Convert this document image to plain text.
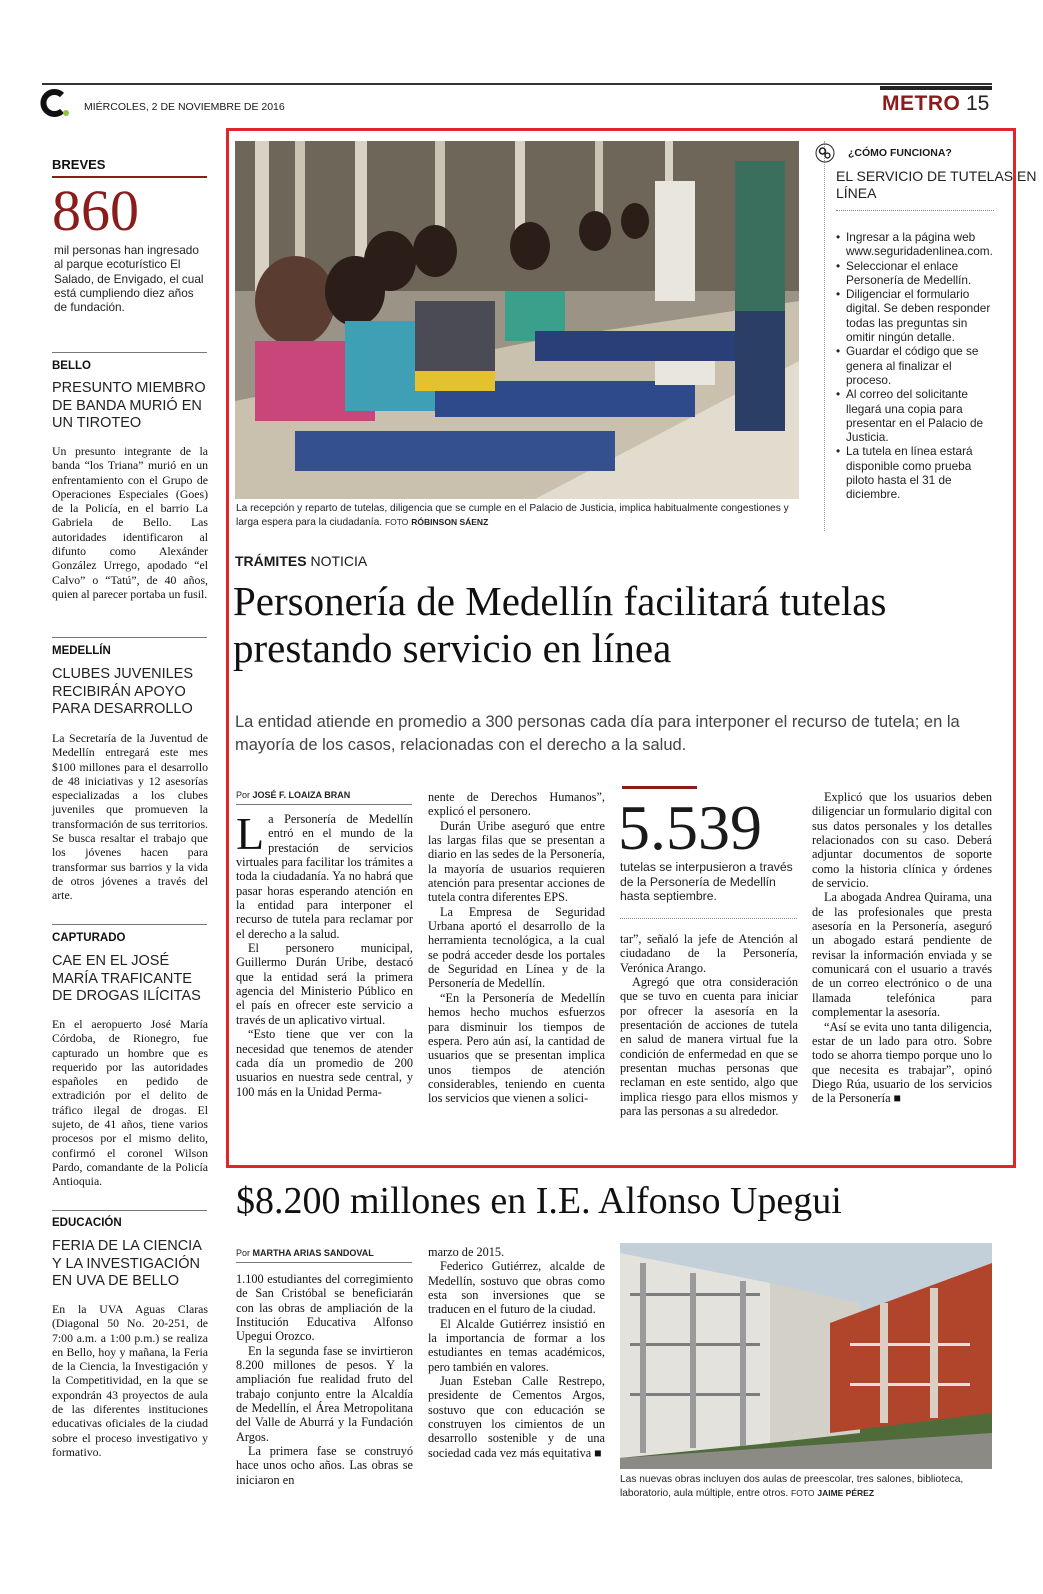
MIÉRCOLES, 2 DE NOVIEMBRE DE 2016	METRO 15
BREVES
860
mil personas han ingresado al parque ecoturístico El Salado, de Envigado, el cual está cumpliendo diez años de fundación.
BELLO
PRESUNTO MIEMBRO DE BANDA MURIÓ EN UN TIROTEO
Un presunto integrante de la banda “los Triana” murió en un enfrentamiento con el Grupo de Operaciones Especiales (Goes) de la Policía, en el barrio La Gabriela de Bello. Las autoridades identificaron al difunto como Alexánder González Urrego, apodado “el Calvo” o “Tatú”, de 40 años, quien al parecer portaba un fusil.
MEDELLÍN
CLUBES JUVENILES RECIBIRÁN APOYO PARA DESARROLLO
La Secretaría de la Juventud de Medellín entregará este mes $100 millones para el desarrollo de 48 iniciativas y 12 asesorías especializadas a los clubes juveniles que promueven la transformación de sus territorios. Se busca resaltar el trabajo que los jóvenes hacen para transformar sus barrios y la vida de otros jóvenes a través del arte.
CAPTURADO
CAE EN EL JOSÉ MARÍA TRAFICANTE DE DROGAS ILÍCITAS
En el aeropuerto José María Córdoba, de Rionegro, fue capturado un hombre que es requerido por las autoridades españoles en pedido de extradición por el delito de tráfico ilegal de drogas. El sujeto, de 41 años, tiene varios procesos por el mismo delito, confirmó el coronel Wilson Pardo, comandante de la Policía Antioquia.
EDUCACIÓN
FERIA DE LA CIENCIA Y LA INVESTIGACIÓN EN UVA DE BELLO
En la UVA Aguas Claras (Diagonal 50 No. 20-251, de 7:00 a.m. a 1:00 p.m.) se realiza en Bello, hoy y mañana, la Feria de la Ciencia, la Investigación y la Competitividad, en la que se expondrán 43 proyectos de aula de las diferentes instituciones educativas oficiales de la ciudad sobre el proceso investigativo y formativo.
La recepción y reparto de tutelas, diligencia que se cumple en el Palacio de Justicia, implica habitualmente congestiones y larga espera para la ciudadanía. FOTO RÓBINSON SÁENZ
¿CÓMO FUNCIONA?
EL SERVICIO DE TUTELAS EN LÍNEA
• Ingresar a la página web www.seguridadenlinea.com.
• Seleccionar el enlace Personería de Medellín.
• Diligenciar el formulario digital. Se deben responder todas las preguntas sin omitir ningún detalle.
• Guardar el código que se genera al finalizar el proceso.
• Al correo del solicitante llegará una copia para presentar en el Palacio de Justicia.
• La tutela en línea estará disponible como prueba piloto hasta el 31 de diciembre.
TRÁMITES NOTICIA
Personería de Medellín facilitará tutelas prestando servicio en línea
La entidad atiende en promedio a 300 personas cada día para interponer el recurso de tutela; en la mayoría de los casos, relacionadas con el derecho a la salud.
Por JOSÉ F. LOAIZA BRAN

La Personería de Medellín entró en el mundo de la prestación de servicios virtuales para facilitar los trámites a toda la ciudadanía. Ya no habrá que pasar horas esperando atención en la entidad para interponer el recurso de tutela para reclamar por el derecho a la salud.

El personero municipal, Guillermo Durán Uribe, destacó que la entidad será la primera agencia del Ministerio Público en el país en ofrecer este servicio a través de un aplicativo virtual.

“Esto tiene que ver con la necesidad que tenemos de atender cada día un promedio de 200 usuarios en nuestra sede central, y 100 más en la Unidad Perma-

nente de Derechos Humanos”, explicó el personero.

Durán Uribe aseguró que entre las largas filas que se presentan a diario en las sedes de la Personería, la mayoría de usuarios requieren atención para presentar acciones de tutela contra diferentes EPS.

La Empresa de Seguridad Urbana aportó el desarrollo de la herramienta tecnológica, a la cual se podrá acceder desde los portales de Seguridad en Línea y de la Personería de Medellín.

“En la Personería de Medellín hemos hecho muchos esfuerzos para disminuir los tiempos de espera. Pero aún así, la cantidad de usuarios que se presentan implica unos tiempos de atención considerables, teniendo en cuenta los servicios que vienen a solici-

5.539
tutelas se interpusieron a través de la Personería de Medellín hasta septiembre.

tar”, señaló la jefe de Atención al ciudadano de la Personería, Verónica Arango.

Agregó que otra consideración que se tuvo en cuenta para iniciar por ofrecer la asesoría en la presentación de acciones de tutela en salud de manera virtual fue la condición de enfermedad en que se presentan muchas personas que reclaman en este sentido, algo que implica riesgo para ellos mismos y para las personas a su alrededor.

Explicó que los usuarios deben diligenciar un formulario digital con sus datos personales y los detalles relacionados con su caso. Deberá adjuntar documentos de soporte como la historia clínica y órdenes de servicio.

La abogada Andrea Quirama, una de las profesionales que presta asesoría en la Personería, aseguró un abogado estará pendiente de revisar la información enviada y se comunicará con el usuario a través de un correo electrónico o de una llamada telefónica para complementar la asesoría.

“Así se evita uno tanta diligencia, estar de un lado para otro. Sobre todo se ahorra tiempo porque uno lo que necesita es trabajar”, opinó Diego Rúa, usuario de los servicios de la Personería ■

$8.200 millones en I.E. Alfonso Upegui
Por MARTHA ARIAS SANDOVAL

1.100 estudiantes del corregimiento de San Cristóbal se beneficiarán con las obras de ampliación de la Institución Educativa Alfonso Upegui Orozco.

En la segunda fase se invirtieron 8.200 millones de pesos. Y la ampliación fue realidad fruto del trabajo conjunto entre la Alcaldía de Medellín, el Área Metropolitana del Valle de Aburrá y la Fundación Argos.

La primera fase se construyó hace unos ocho años. Las obras se iniciaron en

marzo de 2015.

Federico Gutiérrez, alcalde de Medellín, sostuvo que obras como esta son inversiones que se traducen en el futuro de la ciudad.

El Alcalde Gutiérrez insistió en la importancia de formar a los estudiantes en temas académicos, pero también en valores.

Juan Esteban Calle Restrepo, presidente de Cementos Argos, sostuvo que con educación se construyen los cimientos de un desarrollo sostenible y de una sociedad cada vez más equitativa ■

Las nuevas obras incluyen dos aulas de preescolar, tres salones, biblioteca, laboratorio, aula múltiple, entre otros. FOTO JAIME PÉREZ
